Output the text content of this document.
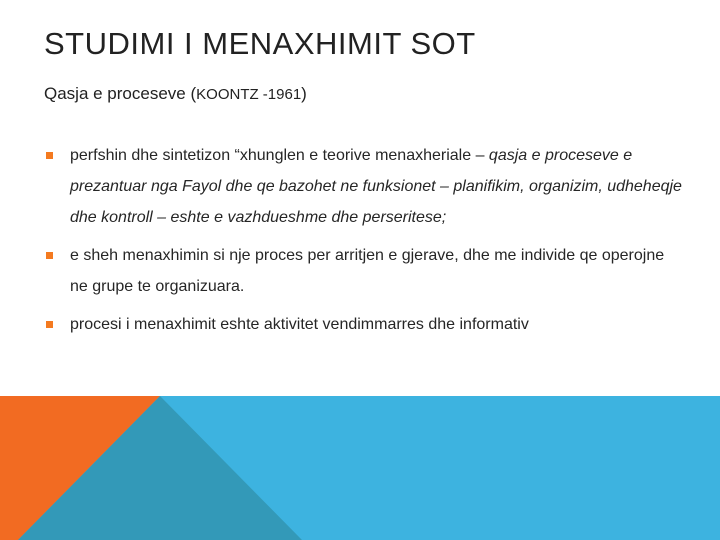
STUDIMI I MENAXHIMIT SOT
Qasja e proceseve (KOONTZ -1961)
perfshin dhe sintetizon “xhunglen e teorive menaxheriale – qasja e proceseve e prezantuar nga Fayol dhe qe bazohet ne funksionet – planifikim, organizim, udheheqje dhe kontroll – eshte e vazhdueshme dhe perseritese;
e sheh menaxhimin si nje proces per arritjen e gjerave, dhe me individe qe operojne ne grupe te organizuara.
procesi i menaxhimit eshte aktivitet vendimmarres dhe informativ
